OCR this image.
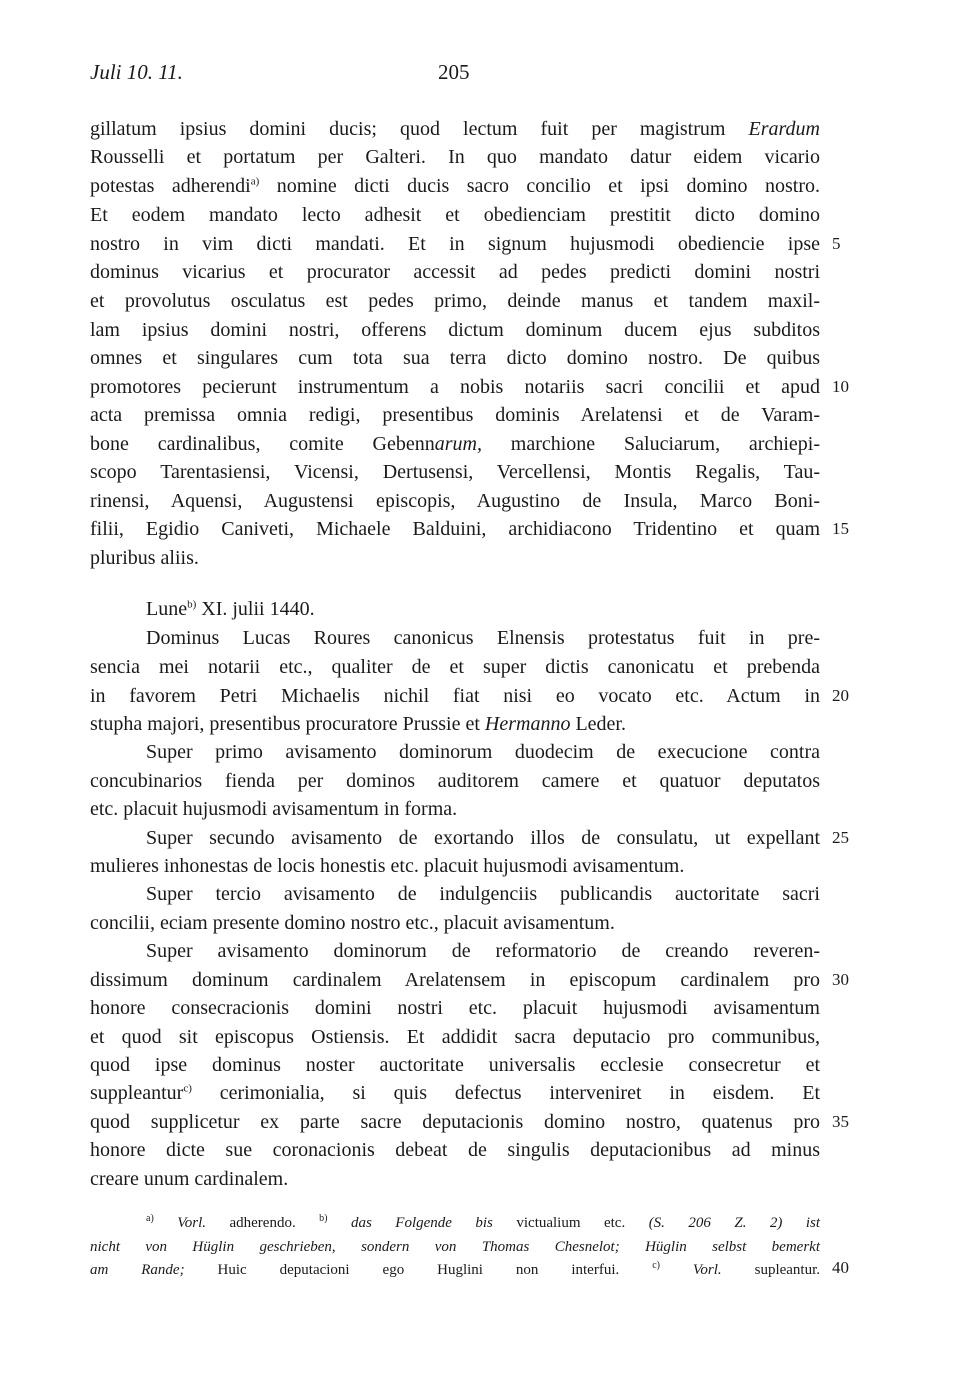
Juli 10. 11.	205
gillatum ipsius domini ducis; quod lectum fuit per magistrum Erardum
Rousselli et portatum per Galteri. In quo mandato datur eidem vicario
potestas adherendi$^{a)}$ nomine dicti ducis sacro concilio et ipsi domino nostro.
Et eodem mandato lecto adhesit et obedienciam prestitit dicto domino
nostro in vim dicti mandati. Et in signum hujusmodi obediencie ipse
dominus vicarius et procurator accessit ad pedes predicti domini nostri
et provolutus osculatus est pedes primo, deinde manus et tandem maxil-
lam ipsius domini nostri, offerens dictum dominum ducem ejus subditos
omnes et singulares cum tota sua terra dicto domino nostro. De quibus
promotores pecierunt instrumentum a nobis notariis sacri concilii et apud
acta premissa omnia redigi, presentibus dominis Arelatensi et de Varam-
bone cardinalibus, comite Gebennarum, marchione Saluciarum, archiepi-
scopo Tarentasiensi, Vicensi, Dertusensi, Vercellensi, Montis Regalis, Tau-
rinensi, Aquensi, Augustensi episcopis, Augustino de Insula, Marco Boni-
filii, Egidio Caniveti, Michaele Balduini, archidiacono Tridentino et quam
pluribus aliis.
Lune$^{b)}$ XI. julii 1440.
Dominus Lucas Roures canonicus Elnensis protestatus fuit in pre-
sencia mei notarii etc., qualiter de et super dictis canonicatu et prebenda
in favorem Petri Michaelis nichil fiat nisi eo vocato etc. Actum in
stupha majori, presentibus procuratore Prussie et Hermanno Leder.
Super primo avisamento dominorum duodecim de execucione contra
concubinarios fienda per dominos auditorem camere et quatuor deputatos
etc. placuit hujusmodi avisamentum in forma.
Super secundo avisamento de exortando illos de consulatu, ut expellant
mulieres inhonestas de locis honestis etc. placuit hujusmodi avisamentum.
Super tercio avisamento de indulgenciis publicandis auctoritate sacri
concilii, eciam presente domino nostro etc., placuit avisamentum.
Super avisamento dominorum de reformatorio de creando reveren-
dissimum dominum cardinalem Arelatensem in episcopum cardinalem pro
honore consecracionis domini nostri etc. placuit hujusmodi avisamentum
et quod sit episcopus Ostiensis. Et addidit sacra deputacio pro communibus,
quod ipse dominus noster auctoritate universalis ecclesie consecretur et
suppleantur$^{c)}$ cerimonialia, si quis defectus interveniret in eisdem. Et
quod supplicetur ex parte sacre deputacionis domino nostro, quatenus pro
honore dicte sue coronacionis debeat de singulis deputacionibus ad minus
creare unum cardinalem.
5
10
15
20
25
30
35
40
$^{a)}$ Vorl. adherendo. $^{b)}$ das Folgende bis victualium etc. (S. 206 Z. 2) ist
nicht von Hüglin geschrieben, sondern von Thomas Chesnelot; Hüglin selbst bemerkt
am Rande; Huic deputacioni ego Huglini non interfui.	$^{c)}$ Vorl. supleantur.
